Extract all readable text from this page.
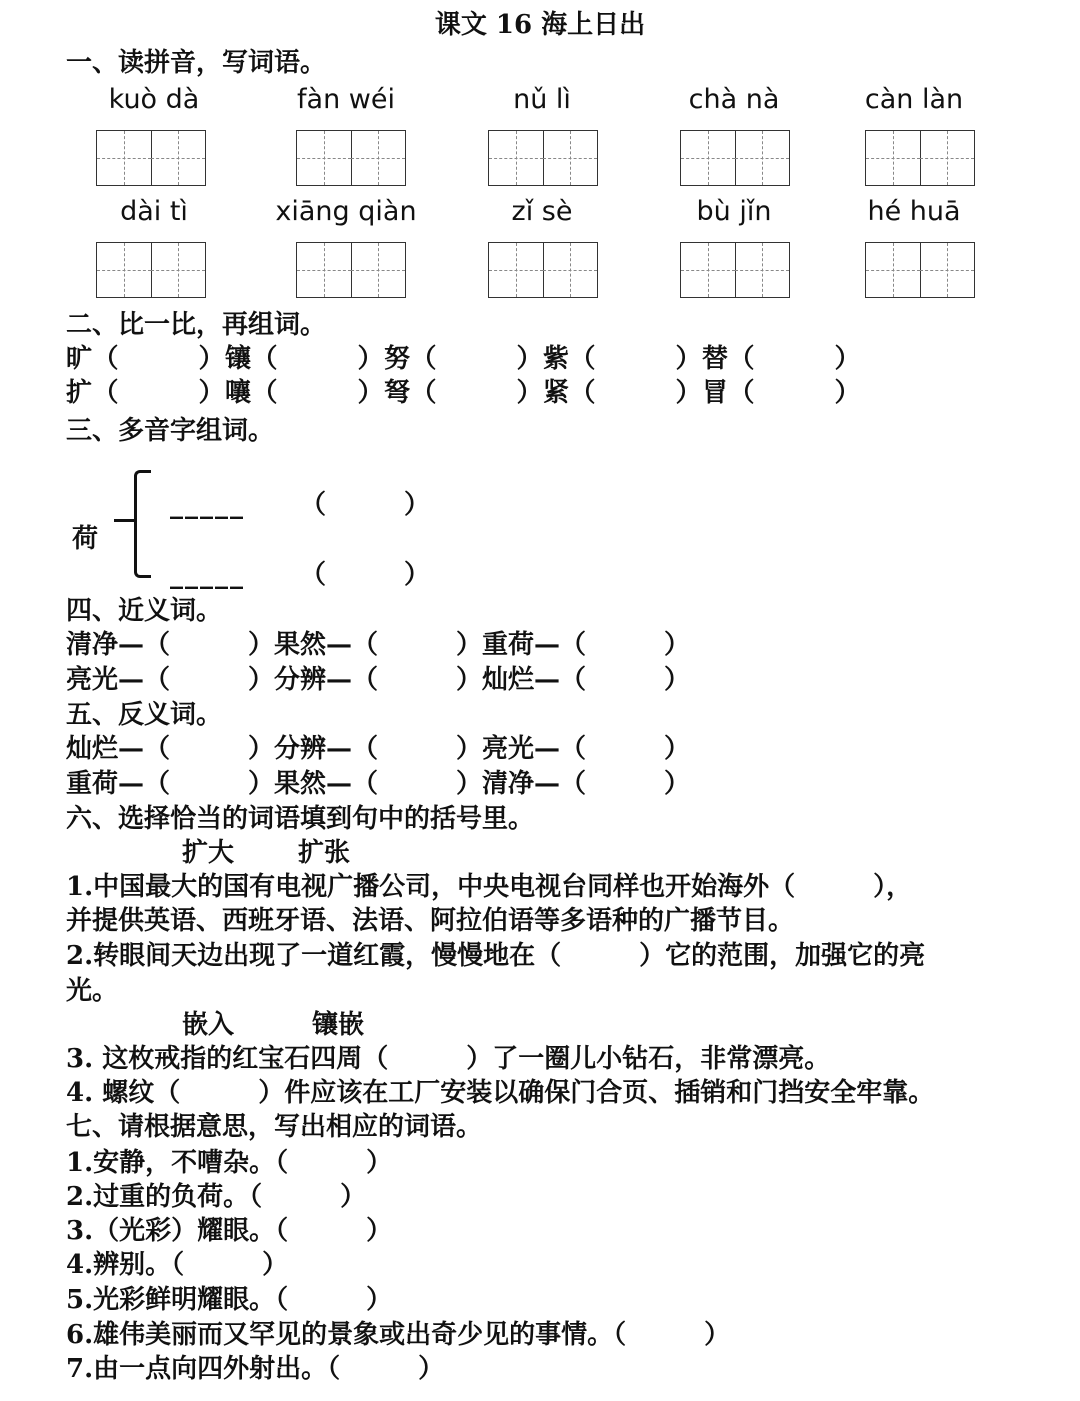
课文 16 海上日出
一、读拼音，写词语。
kuò dà	fàn wéi	nǔ lì	chà nà	càn làn
dài tì	xiāng qiàn	zǐ sè	bù jǐn	hé huā
二、比一比，再组词。
旷（　　　）镶（　　　）努（　　　）紫（　　　）替（　　　）
扩（　　　）嚷（　　　）弩（　　　）紧（　　　）冒（　　　）
三、多音字组词。
荷
_____ （　　　）
_____ （　　　）
四、近义词。
清净—（　　　）果然—（　　　）重荷—（　　　）
亮光—（　　　）分辨—（　　　）灿烂—（　　　）
五、反义词。
灿烂—（　　　）分辨—（　　　）亮光—（　　　）
重荷—（　　　）果然—（　　　）清净—（　　　）
六、选择恰当的词语填到句中的括号里。
扩大 扩张
1.中国最大的国有电视广播公司，中央电视台同样也开始海外（　　　），
并提供英语、西班牙语、法语、阿拉伯语等多语种的广播节目。
2.转眼间天边出现了一道红霞，慢慢地在（　　　）它的范围，加强它的亮
光。
嵌入	镶嵌
3. 这枚戒指的红宝石四周（　　　）了一圈儿小钻石，非常漂亮。
4. 螺纹（　　　）件应该在工厂安装以确保门合页、插销和门挡安全牢靠。
七、请根据意思，写出相应的词语。
1.安静，不嘈杂。（　　　）
2.过重的负荷。（　　　）
3.（光彩）耀眼。（　　　）
4.辨别。（　　　）
5.光彩鲜明耀眼。（　　　）
6.雄伟美丽而又罕见的景象或出奇少见的事情。（　　　）
7.由一点向四外射出。（　　　）
